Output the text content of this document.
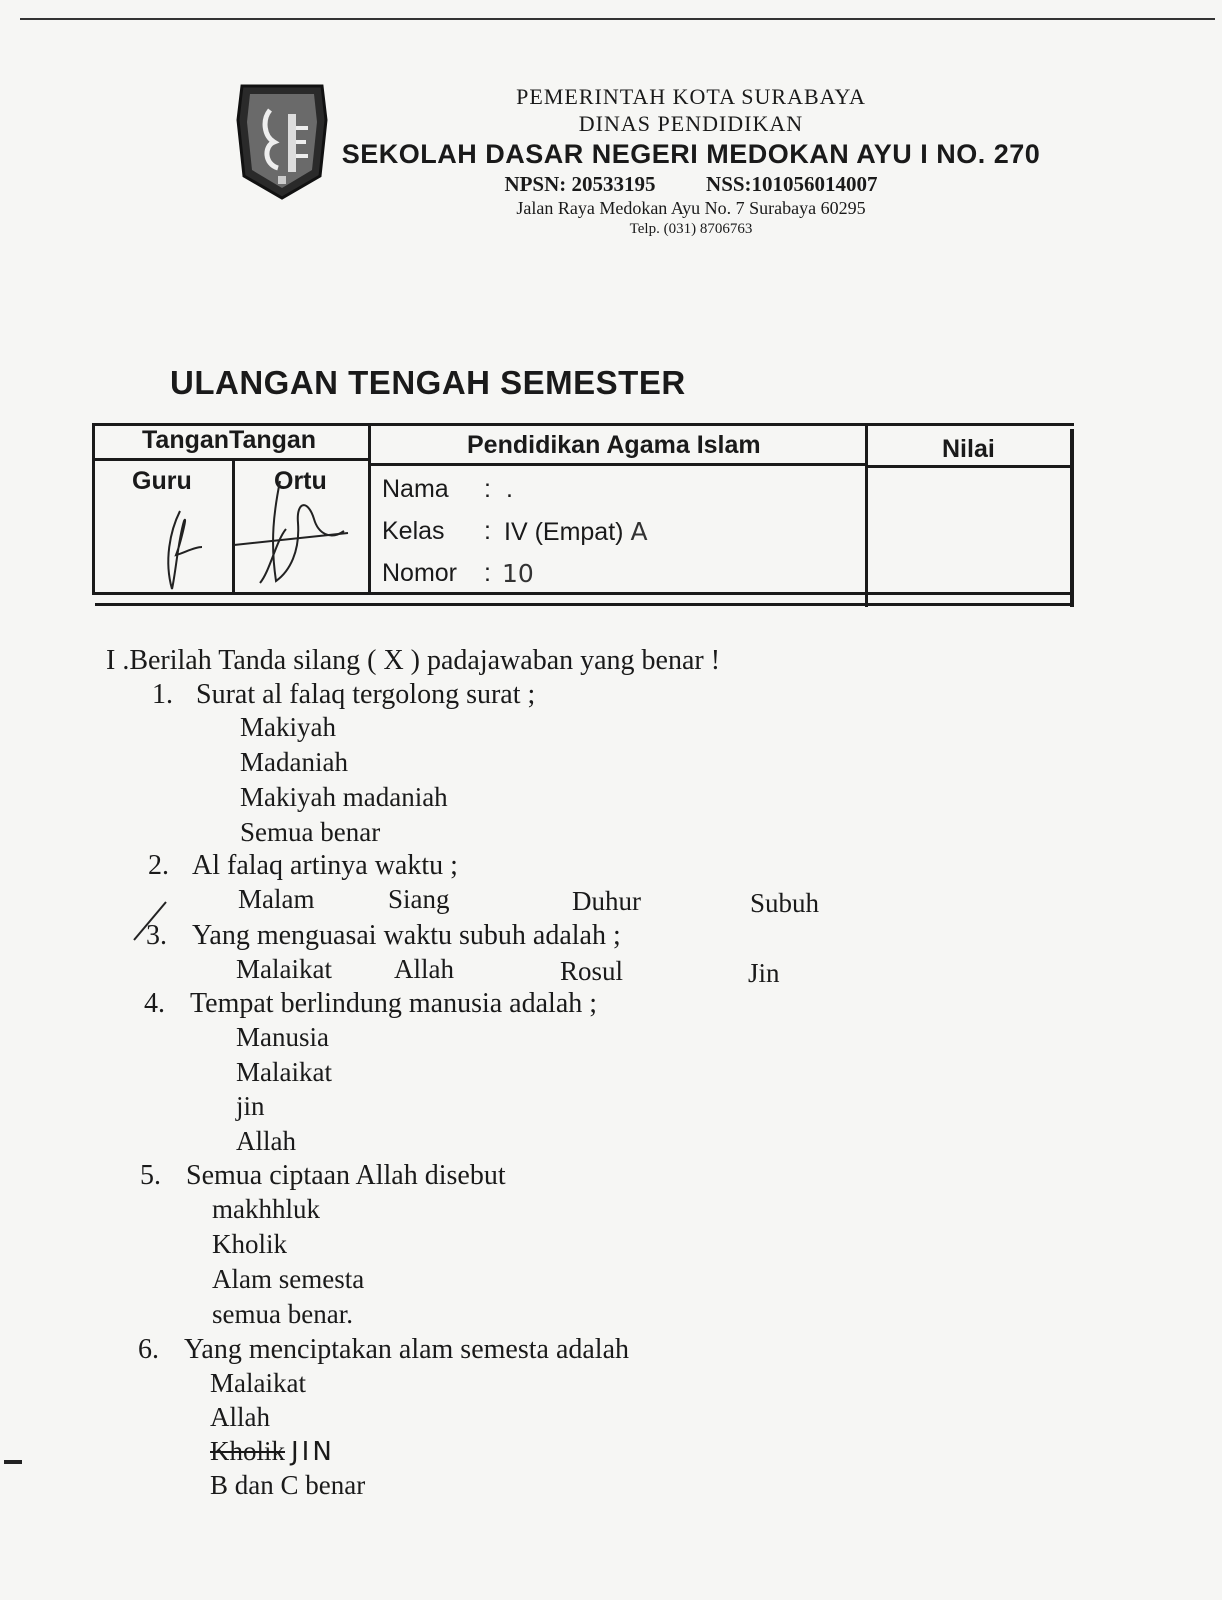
PEMERINTAH KOTA SURABAYA
DINAS PENDIDIKAN
SEKOLAH DASAR NEGERI MEDOKAN AYU I NO. 270
NPSN: 20533195 NSS:101056014007
Jalan Raya Medokan Ayu No. 7 Surabaya 60295
Telp. (031) 8706763
ULANGAN TENGAH SEMESTER
TanganTangan
Guru	Ortu
Pendidikan Agama Islam	Nilai
Nama : .
Kelas : IV (Empat) A
Nomor : 10
I .Berilah Tanda silang ( X ) padajawaban yang benar !
1. Surat al falaq tergolong surat ;
Makiyah
Madaniah
Makiyah madaniah
Semua benar
2. Al falaq artinya waktu ;
Malam	Siang	Duhur	Subuh
3. Yang menguasai waktu subuh adalah ;
Malaikat Allah	Rosul	Jin
4. Tempat berlindung manusia adalah ;
Manusia
Malaikat
jin
Allah
5. Semua ciptaan Allah disebut
makhhluk
Kholik
Alam semesta
semua benar.
6. Yang menciptakan alam semesta adalah
Malaikat
Allah
Kholik JIN
B dan C benar
